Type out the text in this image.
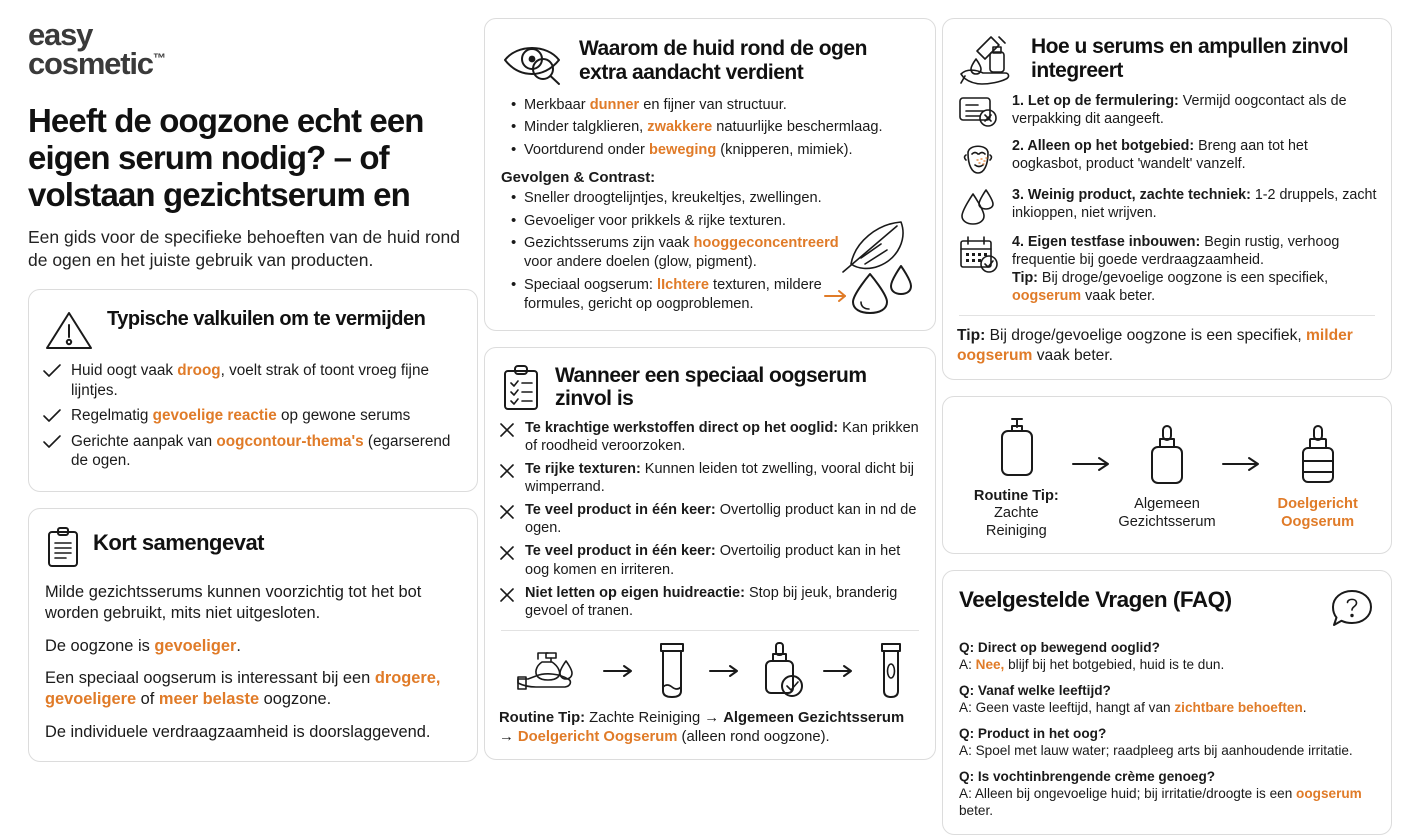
easy
cosmetic™
Heeft de oogzone echt een eigen serum nodig? – of volstaan gezichtserum en

Een gids voor de specifieke behoeften van de huid rond de ogen en het juiste gebruik van producten.

Typische valkuilen om te vermijden
Huid oogt vaak droog, voelt strak of toont vroeg fijne lijntjes.
Regelmatig gevoelige reactie op gewone serums
Gerichte aanpak van oogcontour-thema's (egarserend de ogen.
Kort samengevat

Milde gezichtsserums kunnen voorzichtig tot het bot worden gebruikt, mits niet uitgesloten.

De oogzone is gevoeliger.

Een speciaal oogserum is interessant bij een drogere, gevoeligere of meer belaste oogzone.

De individuele verdraagzaamheid is doorslaggevend.

Waarom de huid rond de ogen extra aandacht verdient
• Merkbaar dunner en fijner van structuur.
• Minder talgklieren, zwakkere natuurlijke beschermlaag.
• Voortdurend onder beweging (knipperen, mimiek).
Gevolgen & Contrast:
• Sneller droogtelijntjes, kreukeltjes, zwellingen.
• Gevoeliger voor prikkels & rijke texturen.
• Gezichtsserums zijn vaak hooggeconcentreerd voor andere doelen (glow, pigment).
• Speciaal oogserum: lIchtere texturen, mildere formules, gericht op oogproblemen.
Wanneer een speciaal oogserum zinvol is
Te krachtige werkstoffen direct op het ooglid: Kan prikken of roodheid veroorzoken.
Te rijke texturen: Kunnen leiden tot zwelling, vooral dicht bij wimperrand.
Te veel product in één keer: Overtollig product kan in nd de ogen.
Te veel product in één keer: Overtoilig product kan in het oog komen en irriteren.
Niet letten op eigen huidreactie: Stop bij jeuk, branderig gevoel of tranen.
Routine Tip: Zachte Reiniging → Algemeen Gezichtsserum → Doelgericht Oogserum (alleen rond oogzone).
Hoe u serums en ampullen zinvol integreert
1. Let op de fermulering: Vermijd oogcontact als de verpakking dit aangeeft.
2. Alleen op het botgebied: Breng aan tot het oogkasbot, product 'wandelt' vanzelf.
3. Weinig product, zachte techniek: 1-2 druppels, zacht inkioppen, niet wrijven.
4. Eigen testfase inbouwen: Begin rustig, verhoog frequentie bij goede verdraagzaamheid.
Tip: Bij droge/gevoelige oogzone is een specifiek, oogserum vaak beter.
Tip: Bij droge/gevoelige oogzone is een specifiek, milder oogserum vaak beter.
Routine Tip:
Zachte Reiniging
Algemeen
Gezichtsserum
Doelgericht
Oogserum
Veelgestelde Vragen (FAQ)
Q: Direct op bewegend ooglid?
A: Nee, blijf bij het botgebied, huid is te dun.
Q: Vanaf welke leeftijd?
A: Geen vaste leeftijd, hangt af van zichtbare behoeften.
Q: Product in het oog?
A: Spoel met lauw water; raadpleeg arts bij aanhoudende irritatie.
Q: Is vochtinbrengende crème genoeg?
A: Alleen bij ongevoelige huid; bij irritatie/droogte is een oogserum beter.
